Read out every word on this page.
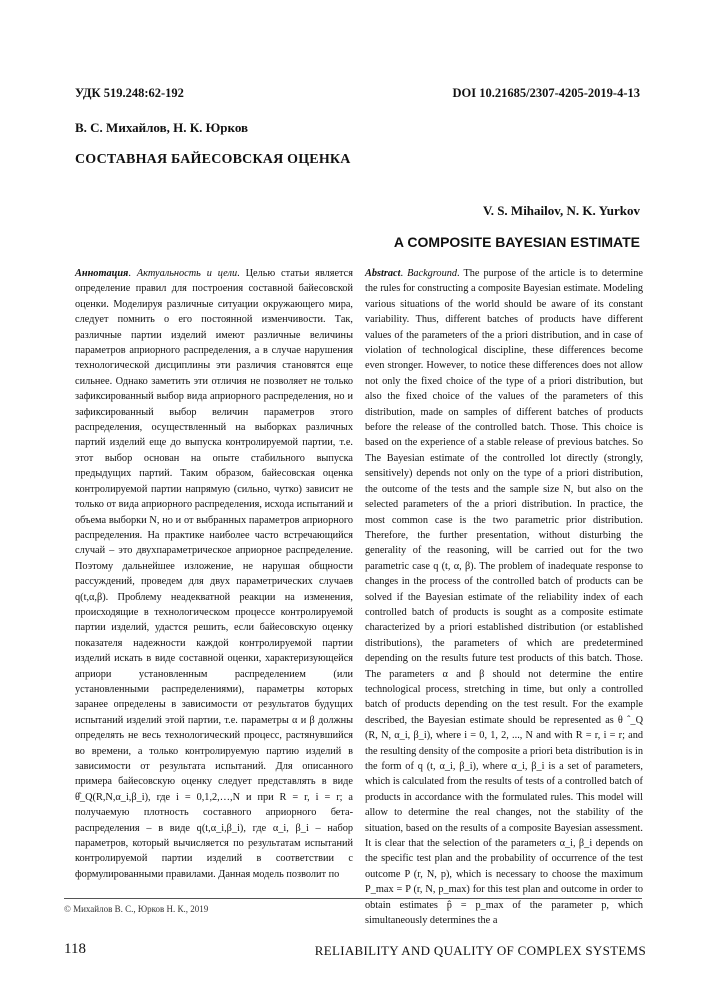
УДК 519.248:62-192	DOI 10.21685/2307-4205-2019-4-13
В. С. Михайлов, Н. К. Юрков
СОСТАВНАЯ БАЙЕСОВСКАЯ ОЦЕНКА
V. S. Mihailov, N. K. Yurkov
A COMPOSITE BAYESIAN ESTIMATE

Аннотация. Актуальность и цели. Целью статьи является определение правил для построения составной байесовской оценки. Моделируя различные ситуации окружающего мира, следует помнить о его постоянной изменчивости. Так, различные партии изделий имеют различные величины параметров априорного распределения, а в случае нарушения технологической дисциплины эти различия становятся еще сильнее. Однако заметить эти отличия не позволяет не только зафиксированный выбор вида априорного распределения, но и зафиксированный выбор величин параметров этого распределения, осуществленный на выборках различных партий изделий еще до выпуска контролируемой партии, т.е. этот выбор основан на опыте стабильного выпуска предыдущих партий. Таким образом, байесовская оценка контролируемой партии напрямую (сильно, чутко) зависит не только от вида априорного распределения, исхода испытаний и объема выборки N, но и от выбранных параметров априорного распределения. На практике наиболее часто встречающийся случай – это двухпараметрическое априорное распределение. Поэтому дальнейшее изложение, не нарушая общности рассуждений, проведем для двух параметрических случаев q(t,α,β). Проблему неадекватной реакции на изменения, происходящие в технологическом процессе контролируемой партии изделий, удастся решить, если байесовскую оценку показателя надежности каждой контролируемой партии изделий искать в виде составной оценки, характеризующейся априори установленным распределением (или установленными распределениями), параметры которых заранее определены в зависимости от результатов будущих испытаний изделий этой партии, т.е. параметры α и β должны определять не весь технологический процесс, растянувшийся во времени, а только контролируемую партию изделий в зависимости от результата испытаний. Для описанного примера байесовскую оценку следует представлять в виде θ̂_Q(R,N,α_i,β_i), где i = 0,1,2,…,N и при R = r, i = r; а получаемую плотность составного априорного бета-распределения – в виде q(t,α_i,β_i), где α_i, β_i – набор параметров, который вычисляется по результатам испытаний контролируемой партии изделий в соответствии с формулированными правилами. Данная модель позволит по

Abstract. Background. The purpose of the article is to determine the rules for constructing a composite Bayesian estimate. Modeling various situations of the world should be aware of its constant variability. Thus, different batches of products have different values of the parameters of the a priori distribution, and in case of violation of technological discipline, these differences become even stronger. However, to notice these differences does not allow not only the fixed choice of the type of a priori distribution, but also the fixed choice of the values of the parameters of this distribution, made on samples of different batches of products before the release of the controlled batch. Those. This choice is based on the experience of a stable release of previous batches. So The Bayesian estimate of the controlled lot directly (strongly, sensitively) depends not only on the type of a priori distribution, the outcome of the tests and the sample size N, but also on the selected parameters of the a priori distribution. In practice, the most common case is the two parametric prior distribution. Therefore, the further presentation, without disturbing the generality of the reasoning, will be carried out for the two parametric case q (t, α, β). The problem of inadequate response to changes in the process of the controlled batch of products can be solved if the Bayesian estimate of the reliability index of each controlled batch of products is sought as a composite estimate characterized by a priori established distribution (or established distributions), the parameters of which are predetermined depending on the results future test products of this batch. Those. The parameters α and β should not determine the entire technological process, stretching in time, but only a controlled batch of products depending on the test result. For the example described, the Bayesian estimate should be represented as θ ˆ_Q (R, N, α_i, β_i), where i = 0, 1, 2, ..., N and with R = r, i = r; and the resulting density of the composite a priori beta distribution is in the form of q (t, α_i, β_i), where α_i, β_i is a set of parameters, which is calculated from the results of tests of a controlled batch of products in accordance with the formulated rules. This model will allow to determine the real changes, not the stability of the situation, based on the results of a composite Bayesian assessment. It is clear that the selection of the parameters α_i, β_i depends on the specific test plan and the probability of occurrence of the test outcome P (r, N, p), which is necessary to choose the maximum P_max = P (r, N, p_max) for this test plan and outcome in order to obtain estimates p̂ = p_max of the parameter p, which simultaneously determines the a

© Михайлов В. С., Юрков Н. К., 2019
118	RELIABILITY AND QUALITY OF COMPLEX SYSTEMS
